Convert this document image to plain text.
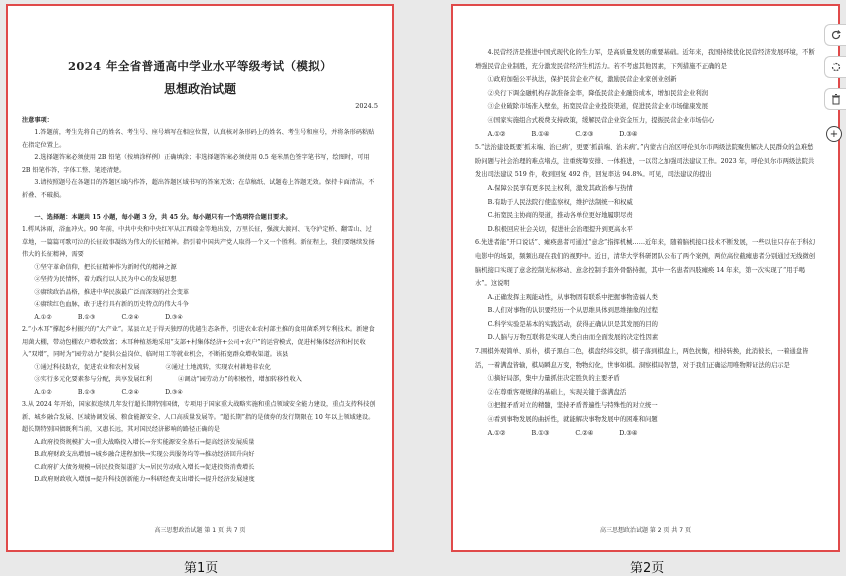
2024 年全省普通高中学业水平等级考试（模拟）
思想政治试题
2024.5
注意事项：
1.答题前，考生先将自己的姓名、考生号、座号填写在相应位置，认真核对条形码上的姓名、考生号和座号，并将条形码粘贴在指定位置上。
2.选择题答案必须使用 2B 铅笔（按填涂样例）正确填涂；非选择题答案必须使用 0.5 毫米黑色签字笔书写，绘图时，可用 2B 铅笔作答，字体工整、笔迹清楚。
3.请按照题号在各题目的答题区域内作答，超出答题区域书写的答案无效；在草稿纸、试题卷上答题无效。保持卡面清洁，不折叠、不破损。
一、选择题：本题共 15 小题，每小题 3 分，共 45 分。每小题只有一个选项符合题目要求。
1.樗风沐雨，浴血冲火。90 年前，中共中央和中央红军从江西瑞金等地出发，万里长征，强渡大渡河、飞夺泸定桥、翻雪山、过草地，一篇篇可歌可泣的长征故事凝练为伟大的长征精神。指引着中国共产党人取得一个又一个胜利。新征程上，我们要继续发扬伟大的长征精神，需要
①坚守革命信仰，把长征精神作为新时代的精神之源
②坚持为民情怀，着力践行以人民为中心的发展思想
③赓续政治品格，推进中华民族最广泛而深刻的社会变革
④赓续红色血脉，敢于进行具有新的历史特点的伟大斗争
A.①②	B.①③	C.②④	D.③④
2.“小木耳”撑起乡村振兴的“大产业”。某县立足于得天独厚的优越生态条件，引进农业农村部主推的食用菌系列专利技术。新建食用菌大棚，带动包棚农户增收致富；木耳种植基地采用“支部+村集体经济+公司+农户”的运营模式，促进村集体经济和村民收入“双增”，同时为“园劳动力”提供公益岗位、临时用工等就业机会，不断拓宽群众增收渠道。该县
①通过科技助农，促进农业和农村发展	②通过土地流转，实现农村耕地非农化
③实行多元化要素参与分配，共享发展红利	④调动“园劳动力”的积极性，增加转移性收入
A.①②	B.①③	C.②④	D.③④
3.从 2024 年开始，国家拟连续几年发行超长期特别国债，专项用于国家重大战略实施和重点领域安全能力建设，重点支持科技创新、城乡融合发展、区域协调发展、粮食能源安全、人口高质量发展等。“超长期”指的是债券的发行期限在 10 年以上领域建设。超长期特别国债既利当前，又惠长远，其对国民经济影响的路径正确的是
A.政府投资规模扩大→重大战略投入增长→夯实能源安全基石→提高经济发展质量
B.政府财政支出增加→城乡融合进程加快→实现公共服务均等→推动经济回升向好
C.政府扩大债务规模→居民投资渠道扩大→居民劳动收入增长→促进投资消费增长
D.政府财政收入增加→提升科技创新能力→科研经费支出增长→提升经济发展速度
高三思想政治试题 第 1 页 共 7 页
4.民营经济是推进中国式现代化的生力军，是高质量发展的重要基础。近年来，我国持续优化民营经济发展环境，不断增强民营企业制胜，充分激发民营经济生机活力。若不考虑其他因素，下列措施不正确的是
①政府加强公平执法，保护民营企业产权，激励民营企业家创业创新
②央行下调金融机构存款准备金率，降低民营企业融资成本，增加民营企业利润
③企业破除市场准入壁垒，拓宽民营企业投资渠道，促进民营企业市场健康发展
④国家实施组合式税费支持政策，缓解民营企业资金压力，提振民营企业市场信心
A.①②	B.①④	C.②③	D.③④
5.“法治建设既要‘抓末端、治已病’，更要‘抓前端、治未病’。”内蒙古自治区呼伦贝尔市两级法院聚焦解决人民群众的急难愁盼问题与社会治理的难点堵点，注重统筹安排、一体推进，一以贯之加强司法建议工作。2023 年，呼伦贝尔市两级法院共发出司法建议 519 件，收到回复 492 件，回复率达 94.8%。可见，司法建议的提出
A.保障公民享有更多民主权利，激发其政治参与热情
B.有助于人民法院行使监察权，维护法制统一和权威
C.拓宽民主协商的渠道，推动各单位更好地履职尽责
D.积极回应社会关切，促进社会治理提升到更高水平
6.先进者能“开口说话”、瘫痪患者可通过“意念”指挥机械……近年来，随着脑机接口技术不断发展，一些以往只存在于科幻电影中的场景，频频出现在我们的视野中。近日，清华大学科研团队公布了两个案例，两位高位截瘫患者分别通过无线微创脑机接口实现了意念控制光标移动、意念控制手套外骨骼持握，其中一名患者四肢瘫痪 14 年来，第一次实现了“用手喝水”。这说明
A.正确发挥主观能动性，从事物固有联系中把握事物造福人类
B.人们对事物的认识要经历一个从思维具体到思维抽象的过程
C.科学实验是基本的实践活动，获得正确认识是其发展的目的
D.人脑与万物互联将是实现人类自由而全面发展的决定性因素
7.围棋外观简单、质朴，棋子黑白二色，棋盘经纬交织，棋子落到棋盘上，两色抗衡，相持转换，此消彼长，一着通盘皆活，一着满盘皆输，棋局瞬息万变，物物幻化，世事如棋。洞察棋局智慧，对于我们正确运用唯物辩证法的启示是
①摘好局部，集中力量抓住决定胜负的主要矛盾
②在尊重客观规律的基础上，实现关键于落满盘活
③把握矛盾对立的精髓，坚持矛盾普遍性与特殊性的对立统一
④看到事物发展的曲折性，就能解决事物发展中的困难和问题
A.①②	B.①③	C.②④	D.③④
高三思想政治试题 第 2 页 共 7 页
第1页	第2页
+
